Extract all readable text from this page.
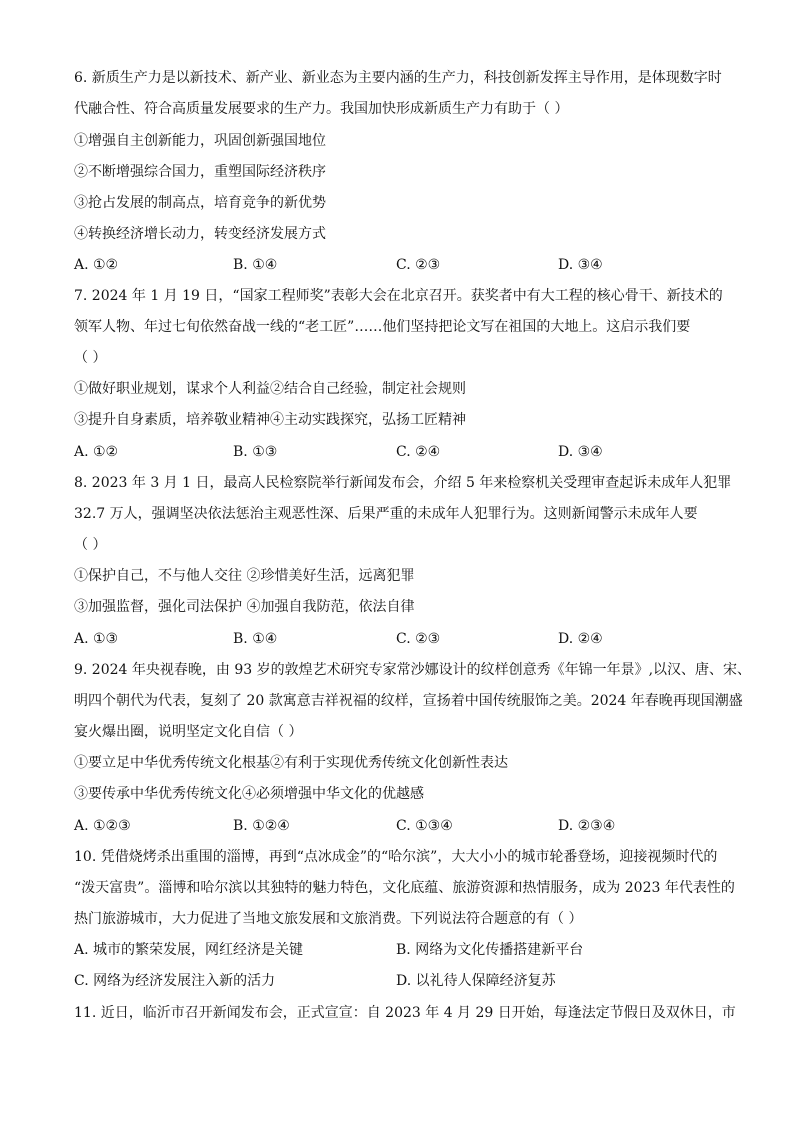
6. 新质生产力是以新技术、新产业、新业态为主要内涵的生产力，科技创新发挥主导作用，是体现数字时
代融合性、符合高质量发展要求的生产力。我国加快形成新质生产力有助于（ ）
①增强自主创新能力，巩固创新强国地位
②不断增强综合国力，重塑国际经济秩序
③抢占发展的制高点，培育竞争的新优势
④转换经济增长动力，转变经济发展方式
A. ①②	B. ①④	C. ②③	D. ③④
7. 2024 年 1 月 19 日，“国家工程师奖”表彰大会在北京召开。获奖者中有大工程的核心骨干、新技术的
领军人物、年过七旬依然奋战一线的“老工匠”……他们坚持把论文写在祖国的大地上。这启示我们要
（ ）
①做好职业规划，谋求个人利益②结合自己经验，制定社会规则
③提升自身素质，培养敬业精神④主动实践探究，弘扬工匠精神
A. ①②	B. ①③	C. ②④	D. ③④
8. 2023 年 3 月 1 日，最高人民检察院举行新闻发布会，介绍 5 年来检察机关受理审查起诉未成年人犯罪
32.7 万人，强调坚决依法惩治主观恶性深、后果严重的未成年人犯罪行为。这则新闻警示未成年人要
（ ）
①保护自己，不与他人交往 ②珍惜美好生活，远离犯罪
③加强监督，强化司法保护 ④加强自我防范，依法自律
A. ①③	B. ①④	C. ②③	D. ②④
9. 2024 年央视春晚，由 93 岁的敦煌艺术研究专家常沙娜设计的纹样创意秀《年锦一年景》,以汉、唐、宋、
明四个朝代为代表，复刻了 20 款寓意吉祥祝福的纹样，宣扬着中国传统服饰之美。2024 年春晚再现国潮盛
宴火爆出圈，说明坚定文化自信（ ）
①要立足中华优秀传统文化根基②有利于实现优秀传统文化创新性表达
③要传承中华优秀传统文化④必须增强中华文化的优越感
A. ①②③	B. ①②④	C. ①③④	D. ②③④
10. 凭借烧烤杀出重围的淄博，再到“点冰成金”的“哈尔滨”，大大小小的城市轮番登场，迎接视频时代的
“泼天富贵”。淄博和哈尔滨以其独特的魅力特色，文化底蕴、旅游资源和热情服务，成为 2023 年代表性的
热门旅游城市，大力促进了当地文旅发展和文旅消费。下列说法符合题意的有（ ）
A. 城市的繁荣发展，网红经济是关键	B. 网络为文化传播搭建新平台
C. 网络为经济发展注入新的活力	D. 以礼待人保障经济复苏
11. 近日，临沂市召开新闻发布会，正式宣宣：自 2023 年 4 月 29 日开始，每逢法定节假日及双休日，市
